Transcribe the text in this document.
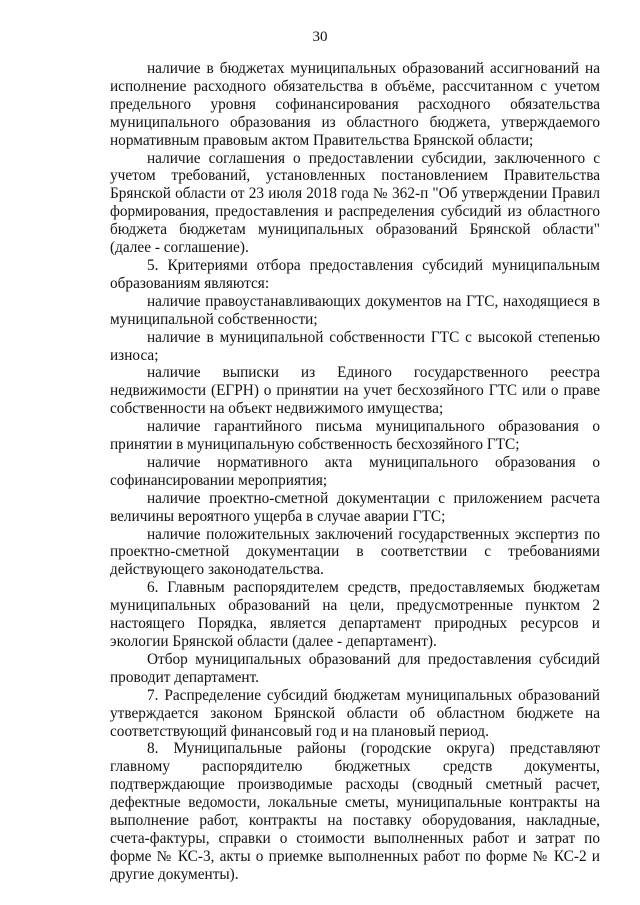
30

наличие в бюджетах муниципальных образований ассигнований на исполнение расходного обязательства в объёме, рассчитанном с учетом предельного уровня софинансирования расходного обязательства муниципального образования из областного бюджета, утверждаемого нормативным правовым актом Правительства Брянской области;

наличие соглашения о предоставлении субсидии, заключенного с учетом требований, установленных постановлением Правительства Брянской области от 23 июля 2018 года № 362-п "Об утверждении Правил формирования, предоставления и распределения субсидий из областного бюджета бюджетам муниципальных образований Брянской области" (далее - соглашение).

5. Критериями отбора предоставления субсидий муниципальным образованиям являются:

наличие правоустанавливающих документов на ГТС, находящиеся в муниципальной собственности;

наличие в муниципальной собственности ГТС с высокой степенью износа;

наличие выписки из Единого государственного реестра недвижимости (ЕГРН) о принятии на учет бесхозяйного ГТС или о праве собственности на объект недвижимого имущества;

наличие гарантийного письма муниципального образования о принятии в муниципальную собственность бесхозяйного ГТС;

наличие нормативного акта муниципального образования о софинансировании мероприятия;

наличие проектно-сметной документации с приложением расчета величины вероятного ущерба в случае аварии ГТС;

наличие положительных заключений государственных экспертиз по проектно-сметной документации в соответствии с требованиями действующего законодательства.

6. Главным распорядителем средств, предоставляемых бюджетам муниципальных образований на цели, предусмотренные пунктом 2 настоящего Порядка, является департамент природных ресурсов и экологии Брянской области (далее - департамент).

Отбор муниципальных образований для предоставления субсидий проводит департамент.

7. Распределение субсидий бюджетам муниципальных образований утверждается законом Брянской области об областном бюджете на соответствующий финансовый год и на плановый период.

8. Муниципальные районы (городские округа) представляют главному распорядителю бюджетных средств документы, подтверждающие производимые расходы (сводный сметный расчет, дефектные ведомости, локальные сметы, муниципальные контракты на выполнение работ, контракты на поставку оборудования, накладные, счета-фактуры, справки о стоимости выполненных работ и затрат по форме № КС-3, акты о приемке выполненных работ по форме № КС-2 и другие документы).
